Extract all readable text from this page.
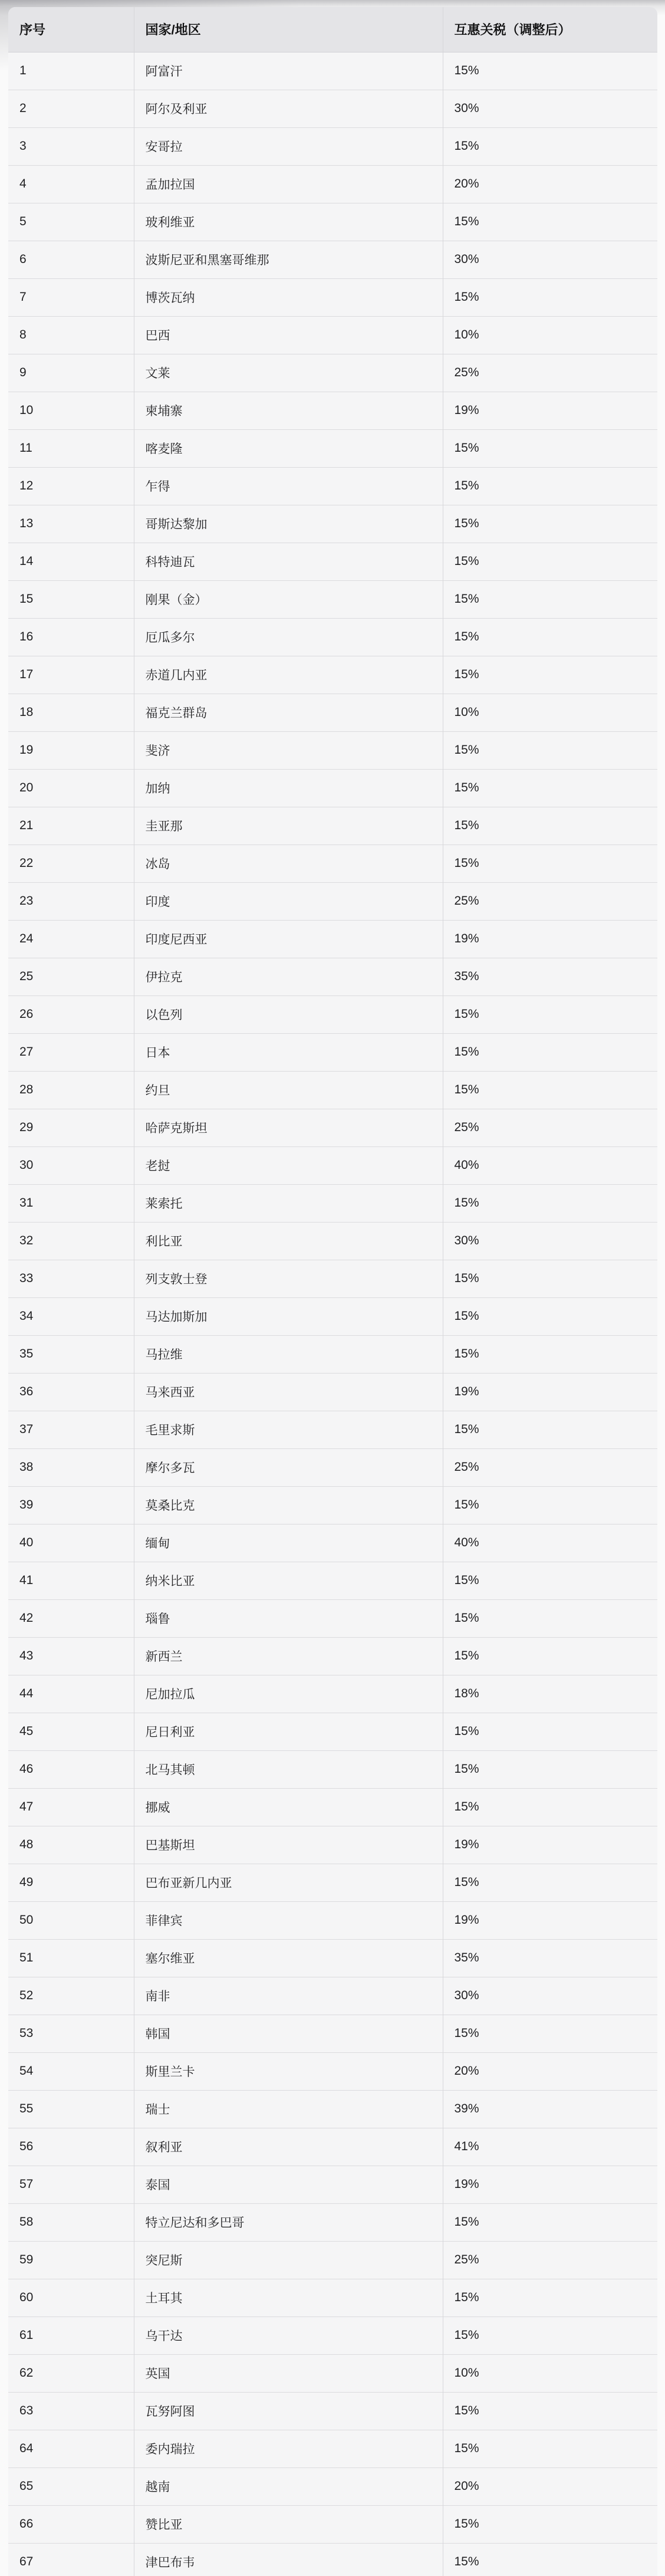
序号	国家/地区	互惠关税（调整后）
1	阿富汗	15%
2	阿尔及利亚	30%
3	安哥拉	15%
4	孟加拉国	20%
5	玻利维亚	15%
6	波斯尼亚和黑塞哥维那	30%
7	博茨瓦纳	15%
8	巴西	10%
9	文莱	25%
10	柬埔寨	19%
11	喀麦隆	15%
12	乍得	15%
13	哥斯达黎加	15%
14	科特迪瓦	15%
15	刚果（金）	15%
16	厄瓜多尔	15%
17	赤道几内亚	15%
18	福克兰群岛	10%
19	斐济	15%
20	加纳	15%
21	圭亚那	15%
22	冰岛	15%
23	印度	25%
24	印度尼西亚	19%
25	伊拉克	35%
26	以色列	15%
27	日本	15%
28	约旦	15%
29	哈萨克斯坦	25%
30	老挝	40%
31	莱索托	15%
32	利比亚	30%
33	列支敦士登	15%
34	马达加斯加	15%
35	马拉维	15%
36	马来西亚	19%
37	毛里求斯	15%
38	摩尔多瓦	25%
39	莫桑比克	15%
40	缅甸	40%
41	纳米比亚	15%
42	瑙鲁	15%
43	新西兰	15%
44	尼加拉瓜	18%
45	尼日利亚	15%
46	北马其顿	15%
47	挪威	15%
48	巴基斯坦	19%
49	巴布亚新几内亚	15%
50	菲律宾	19%
51	塞尔维亚	35%
52	南非	30%
53	韩国	15%
54	斯里兰卡	20%
55	瑞士	39%
56	叙利亚	41%
57	泰国	19%
58	特立尼达和多巴哥	15%
59	突尼斯	25%
60	土耳其	15%
61	乌干达	15%
62	英国	10%
63	瓦努阿图	15%
64	委内瑞拉	15%
65	越南	20%
66	赞比亚	15%
67	津巴布韦	15%
